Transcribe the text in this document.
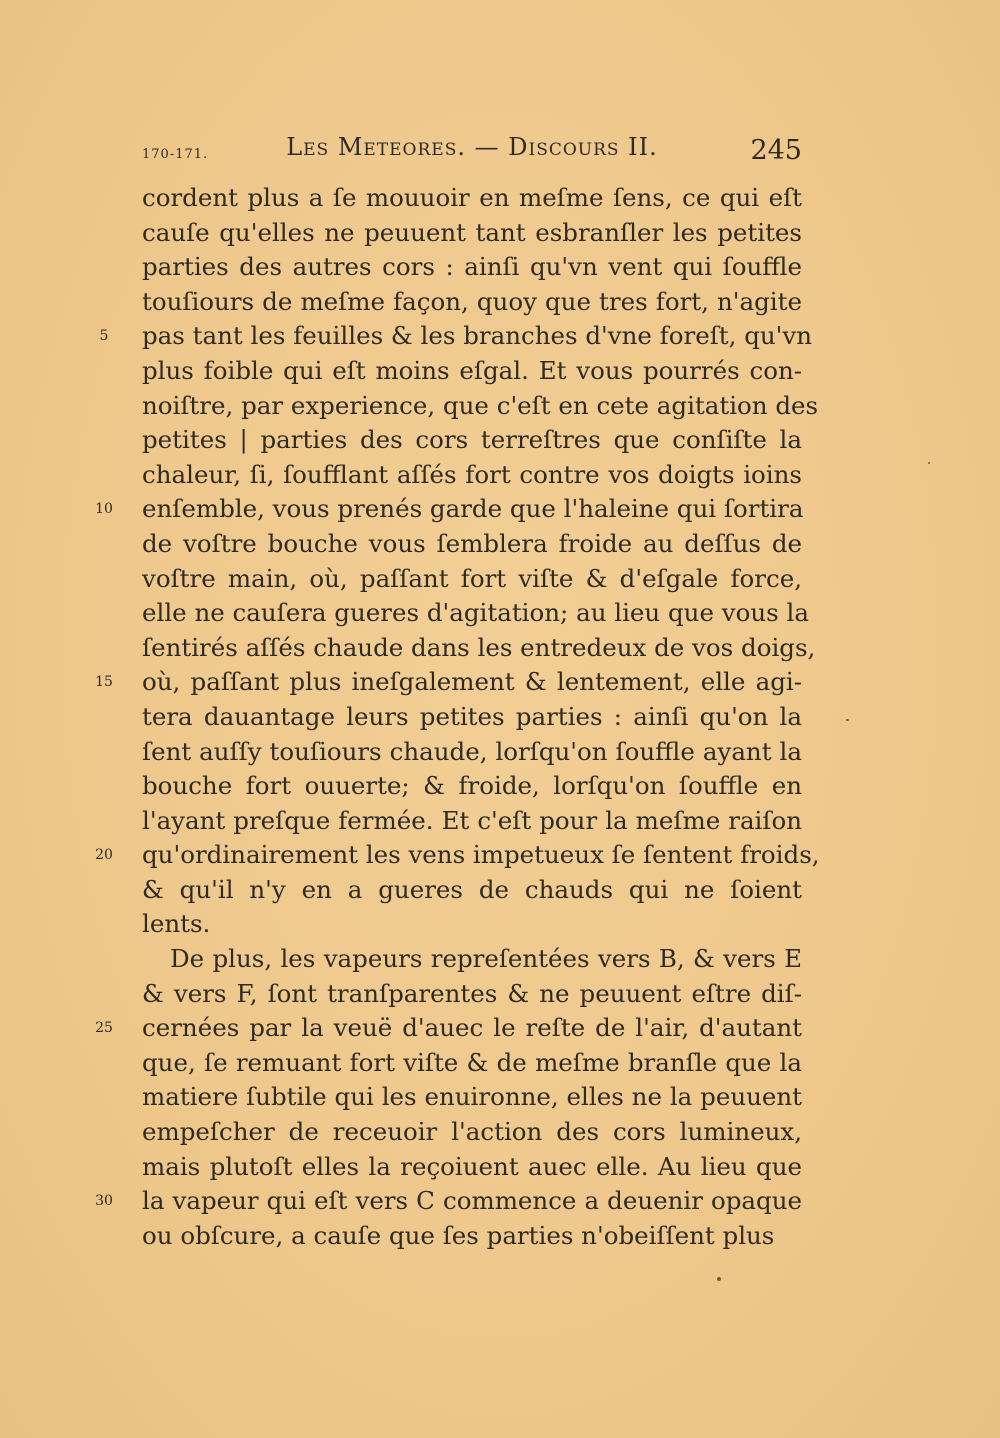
170-171.	Les Meteores. — Discours II.	245
5
10
15
20
25
30
cordent plus a ſe mouuoir en meſme ſens, ce qui eſt
cauſe qu'elles ne peuuent tant esbranſler les petites
parties des autres cors : ainſi qu'vn vent qui ſouffle
touſiours de meſme façon, quoy que tres fort, n'agite
pas tant les feuilles & les branches d'vne foreſt, qu'vn
plus foible qui eſt moins eſgal. Et vous pourrés con-
noiſtre, par experience, que c'eſt en cete agitation des
petites | parties des cors terreſtres que conſiſte la
chaleur, ſi, ſoufflant aſſés fort contre vos doigts ioins
enſemble, vous prenés garde que l'haleine qui ſortira
de voſtre bouche vous ſemblera froide au deſſus de
voſtre main, où, paſſant fort viſte & d'eſgale force,
elle ne cauſera gueres d'agitation; au lieu que vous la
ſentirés aſſés chaude dans les entredeux de vos doigs,
où, paſſant plus ineſgalement & lentement, elle agi-
tera dauantage leurs petites parties : ainſi qu'on la
ſent auſſy touſiours chaude, lorſqu'on ſouffle ayant la
bouche fort ouuerte; & froide, lorſqu'on ſouffle en
l'ayant preſque fermée. Et c'eſt pour la meſme raiſon
qu'ordinairement les vens impetueux ſe ſentent froids,
& qu'il n'y en a gueres de chauds qui ne ſoient
lents.
De plus, les vapeurs repreſentées vers B, & vers E
& vers F, ſont tranſparentes & ne peuuent eſtre diſ-
cernées par la veuë d'auec le reſte de l'air, d'autant
que, ſe remuant fort viſte & de meſme branſle que la
matiere ſubtile qui les enuironne, elles ne la peuuent
empeſcher de receuoir l'action des cors lumineux,
mais plutoſt elles la reçoiuent auec elle. Au lieu que
la vapeur qui eſt vers C commence a deuenir opaque
ou obſcure, a cauſe que ſes parties n'obeiſſent plus
